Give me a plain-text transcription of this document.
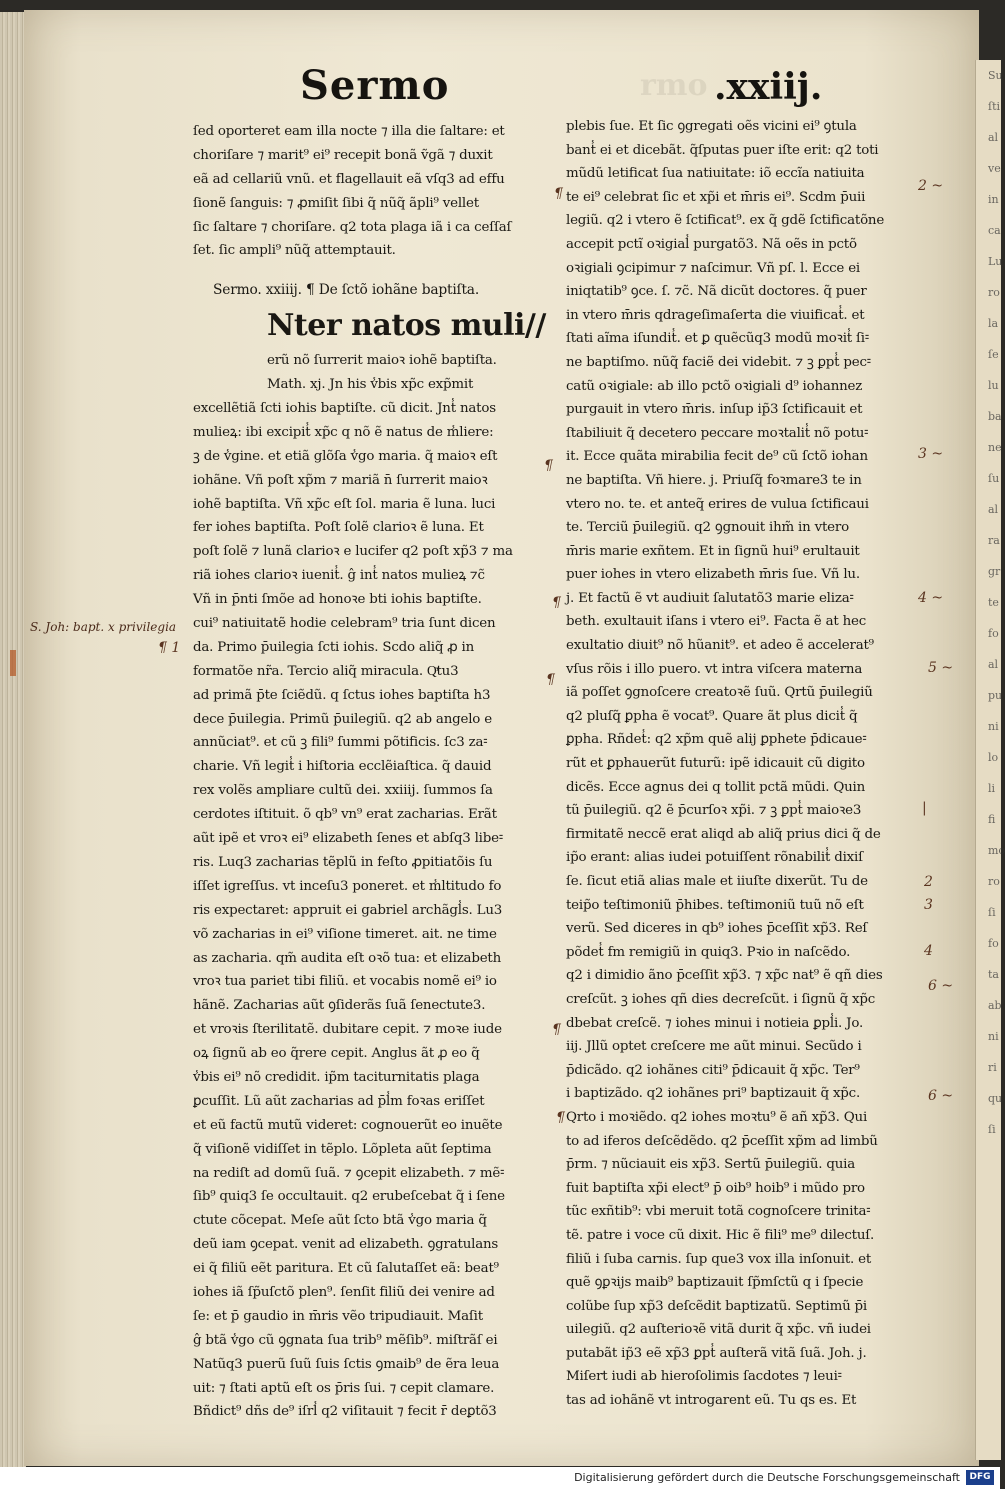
Su
ſti
al
ve
in
ca
Lu
ro
la
ſe
lu
ba
ne
ſu
al
ra
gr
te
fo
al
pu
ni
lo
li
fi
mo
ro
ſi
fo
ta
ab
ni
ri
qu
ſi
rmo
Sermo	.xxiij.
ſed oporteret eam illa nocte ⁊ illa die ſaltare: et
choriſare ⁊ marit⁹ ei⁹ recepit bonã ṽgã ⁊ duxit
eã ad cellariũ vnũ. et flagellauit eã vſq3 ad effu
ſionẽ ſanguis: ⁊ ꝓmiſit ſibi q̃ nũq̃ ãpli⁹ vellet
ſic ſaltare ⁊ choriſare. q2 tota plaga iã i ca ceſſaſ
ſet. ſic ampli⁹ nũq̃ attemptauit.
Sermo. xxiiij. ¶ De ſctõ iohãne baptiſta.
Nter natos muli//
erũ nõ ſurrerit maioꝛ iohẽ baptiſta.
Math. xj. Jn his v̾bis xp̃c exp̃mit
excellẽtiã ſcti iohis baptiſte. cũ dicit. Jnt̾ natos
mulieꝝ: ibi excipit̾ xp̃c q nõ ẽ natus de m̾liere:
ꝫ de v̾gine. et etiã glõſa v̾go maria. q̃ maioꝛ eſt
iohãne. Vñ poſt xp̃m ⁊ mariã n̄ ſurrerit maioꝛ
iohẽ baptiſta. Vñ xp̃c eſt ſol. maria ẽ luna. luci
fer iohes baptiſta. Poſt ſolẽ clarioꝛ ẽ luna. Et
poſt ſolẽ ⁊ lunã clarioꝛ e lucifer q2 poſt xp̃3 ⁊ ma
riã iohes clarioꝛ iuenit̾. ĝ int̾ natos mulieꝝ ⁊c̃
Vñ in p̄nti ſmõe ad honoꝛe bti iohis baptiſte.
cui⁹ natiuitatẽ hodie celebram⁹ tria ſunt dicen
da. Primo p̄uilegia ſcti iohis. Scdo aliq̃ ꝓ in
formatõe nr̃a. Tercio aliq̃ miracula. Qͣtu3
ad primã p̄te ſciẽdũ. q ſctus iohes baptiſta h3
dece p̄uilegia. Primũ p̄uilegiũ. q2 ab angelo e
annũciat⁹. et cũ ꝫ fili⁹ ſummi põtificis. ſc3 za⹀
charie. Vñ legit̾ i hiſtoria ecclẽiaſtica. q̃ dauid
rex volẽs ampliare cultũ dei. xxiiij. ſummos ſa
cerdotes iſtituit. õ qb⁹ vn⁹ erat zacharias. Erãt
aũt ipẽ et vroꝛ ei⁹ elizabeth ſenes et abſq3 libe⹀
ris. Luq3 zacharias tẽplũ in feſto ꝓpitiatõis ſu
iſſet igreſſus. vt inceſu3 poneret. et m̾ltitudo fo
ris expectaret: appruit ei gabriel archãgl̾s. Lu3
võ zacharias in ei⁹ viſione timeret. ait. ne time
as zacharia. qm̃ audita eſt oꝛõ tua: et elizabeth
vroꝛ tua pariet tibi filiũ. et vocabis nomẽ ei⁹ io
hãnẽ. Zacharias aũt ꝯſiderãs ſuã ſenectute3.
et vroꝛis ſterilitatẽ. dubitare cepit. ⁊ moꝛe iude
oꝝ ſignũ ab eo q̃rere cepit. Anglus ãt ꝓ eo q̃
v̾bis ei⁹ nõ credidit. ip̃m taciturnitatis plaga
ꝑcuſſit. Lũ aũt zacharias ad p̄l̾m foꝛas eriſſet
et eũ factũ mutũ videret: cognouerũt eo inuẽte
q̃ viſionẽ vidiſſet in tẽplo. Lõpleta aũt ſeptima
na rediſt ad domũ ſuã. ⁊ ꝯcepit elizabeth. ⁊ mẽ⹀
ſib⁹ quiq3 ſe occultauit. q2 erubeſcebat q̃ i ſene
ctute cõcepat. Meſe aũt ſcto btã v̾go maria q̃
deũ iam ꝯcepat. venit ad elizabeth. ꝯgratulans
ei q̃ filiũ eẽt paritura. Et cũ ſalutaſſet eã: beat⁹
iohes iã ſp̃uſctõ plen⁹. ſenſit filiũ dei venire ad
ſe: et p̄ gaudio in m̄ris vẽo tripudiauit. Maſit
ĝ btã v̾go cũ ꝯgnata ſua trib⁹ mẽſib⁹. miſtrãſ ei
Natũq3 puerũ ſuũ ſuis ſctis ꝯmaib⁹ de ẽra leua
uit: ⁊ ſtati aptũ eſt os p̄ris ſui. ⁊ cepit clamare.
Bñdict⁹ dñs de⁹ iſrl̾ q2 viſitauit ⁊ fecit r̄ deꝑtõ3
plebis ſue. Et ſic ꝯgregati oẽs vicini ei⁹ ꝯtula
bant̾ ei et dicebãt. q̃ſputas puer iſte erit: q2 toti
mũdũ letificat ſua natiuitate: iõ eccĩa natiuita
te ei⁹ celebrat ſic et xp̃i et m̄ris ei⁹. Scdm p̄uii
legiũ. q2 i vtero ẽ ſctificat⁹. ex q̃ gdẽ ſctificatõne
accepit pctĩ oꝛigial̾ purgatõ3. Nã oẽs in pctõ
oꝛigiali ꝯcipimur ⁊ naſcimur. Vñ pſ. l. Ecce ei
iniqtatib⁹ ꝯce. ſ. ⁊c̃. Nã dicũt doctores. q̃ puer
in vtero m̄ris qdrageſimaſerta die viuificat̾. et
ſtati aĩma iſundit̾. et ꝑ quẽcũq3 modũ moꝛit̾ ſi⹀
ne baptiſmo. nũq̃ faciẽ dei videbit. ⁊ ꝫ ꝑpt̾ pec⹀
catũ oꝛigiale: ab illo pctõ oꝛigiali d⁹ iohannez
purgauit in vtero m̄ris. inſup ip̃3 ſctificauit et
ſtabiliuit q̃ decetero peccare moꝛtalit̾ nõ potu⹀
it. Ecce quãta mirabilia fecit de⁹ cũ ſctõ iohan
ne baptiſta. Vñ hiere. j. Priuſq̃ foꝛmare3 te in
vtero no. te. et anteq̃ erires de vulua ſctificaui
te. Terciũ p̄uilegiũ. q2 ꝯgnouit ihm̃ in vtero
m̄ris marie exñtem. Et in ſignũ hui⁹ erultauit
puer iohes in vtero elizabeth m̄ris ſue. Vñ lu.
j. Et factũ ẽ vt audiuit ſalutatõ3 marie eliza⹀
beth. exultauit iſans i vtero ei⁹. Facta ẽ at hec
exultatio diuit⁹ nõ hũanit⁹. et adeo ẽ accelerat⁹
vſus rõis i illo puero. vt intra viſcera materna
iã poſſet ꝯgnoſcere creatoꝛẽ ſuũ. Qrtũ p̄uilegiũ
q2 pluſq̃ ꝑpha ẽ vocat⁹. Quare ãt plus dicit̾ q̃
ꝑpha. Rñdet̾: q2 xp̃m quẽ alij ꝑphete p̄dicaue⹀
rũt et ꝑphauerũt futurũ: ipẽ idicauit cũ digito
dicẽs. Ecce agnus dei q tollit pctã mũdi. Quin
tũ p̄uilegiũ. q2 ẽ p̄curſoꝛ xp̃i. ⁊ ꝫ ꝑpt̾ maioꝛe3
firmitatẽ neccẽ erat aliqd ab aliq̃ prius dici q̃ de
ip̃o erant: alias iudei potuiſſent rõnabilit̾ dixiſ
ſe. ſicut etiã alias male et iiuſte dixerũt. Tu de
teip̃o teſtimoniũ p̄hibes. teſtimoniũ tuũ nõ eſt
verũ. Sed diceres in qb⁹ iohes p̄ceſſit xp̃3. Reſ
põdet̾ fm remigiũ in quiq3. Pꝛio in naſcẽdo.
q2 i dimidio ãno p̄ceſſit xp̃3. ⁊ xp̃c nat⁹ ẽ qñ dies
creſcũt. ꝫ iohes qñ dies decreſcũt. i ſignũ q̃ xp̃c
dbebat creſcẽ. ⁊ iohes minui i notieia ꝑpl̾i. Jo.
iij. Jllũ optet creſcere me aũt minui. Secũdo i
p̄dicãdo. q2 iohãnes citi⁹ p̄dicauit q̃ xp̃c. Ter⁹
i baptizãdo. q2 iohãnes pri⁹ baptizauit q̃ xp̃c.
Qrto i moꝛiẽdo. q2 iohes moꝛtu⁹ ẽ añ xp̃3. Qui
to ad iferos deſcẽdẽdo. q2 p̄ceſſit xp̃m ad limbũ
p̄rm. ⁊ nũciauit eis xp̃3. Sertũ p̄uilegiũ. quia
fuit baptiſta xp̃i elect⁹ p̄ oib⁹ hoib⁹ i mũdo pro
tũc exñtib⁹: vbi meruit totã cognoſcere trinita⹀
tẽ. patre i voce cũ dixit. Hic ẽ fili⁹ me⁹ dilectuſ.
filiũ i ſuba carnis. ſup que3 vox illa inſonuit. et
quẽ ꝯꝑꝛijs maib⁹ baptizauit ſp̃mſctũ q i ſpecie
colũbe ſup xp̃3 deſcẽdit baptizatũ. Septimũ p̄i
uilegiũ. q2 auſterioꝛẽ vitã durit q̃ xp̃c. vñ iudei
putabãt ip̃3 eẽ xp̃3 ꝑpt̾ auſterã vitã ſuã. Joh. j.
Miſert iudi ab hieroſolimis ſacdotes ⁊ leui⹀
tas ad iohãnẽ vt introgarent eũ. Tu qs es. Et
S. Joh: bapt. x privilegia
¶ 1
2 ~
3 ~
4 ~
5 ~
6 ~
|
2
3
4
6 ~
¶
¶
¶
¶
¶
¶
Digitalisierung gefördert durch die Deutsche Forschungsgemeinschaft	DFG
